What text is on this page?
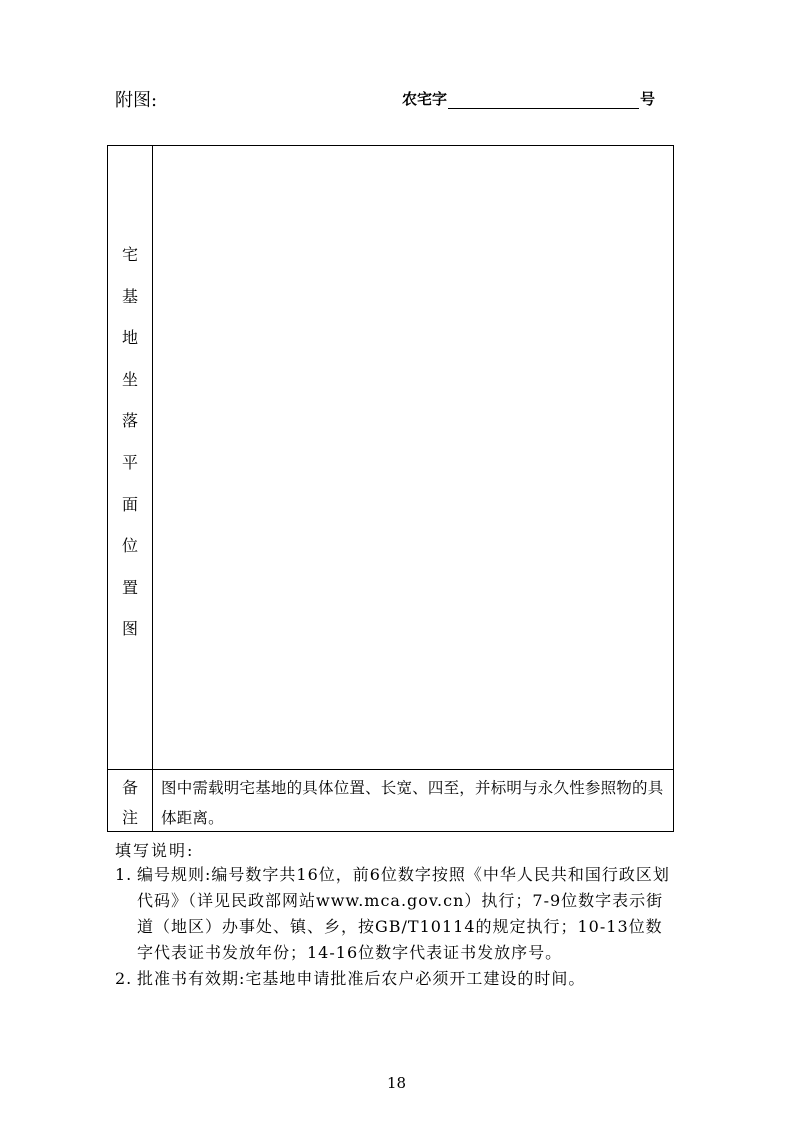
附图:	农宅字	号
宅
基
地
坐
落
平
面
位
置
图
备
注
图中需载明宅基地的具体位置、长宽、四至，并标明与永久性参照物的具体距离。
填写说明:
1. 编号规则:编号数字共16位，前6位数字按照《中华人民共和国行政区划代码》（详见民政部网站www.mca.gov.cn）执行；7-9位数字表示街道（地区）办事处、镇、乡，按GB/T10114的规定执行；10-13位数字代表证书发放年份；14-16位数字代表证书发放序号。
2. 批准书有效期:宅基地申请批准后农户必须开工建设的时间。
18
